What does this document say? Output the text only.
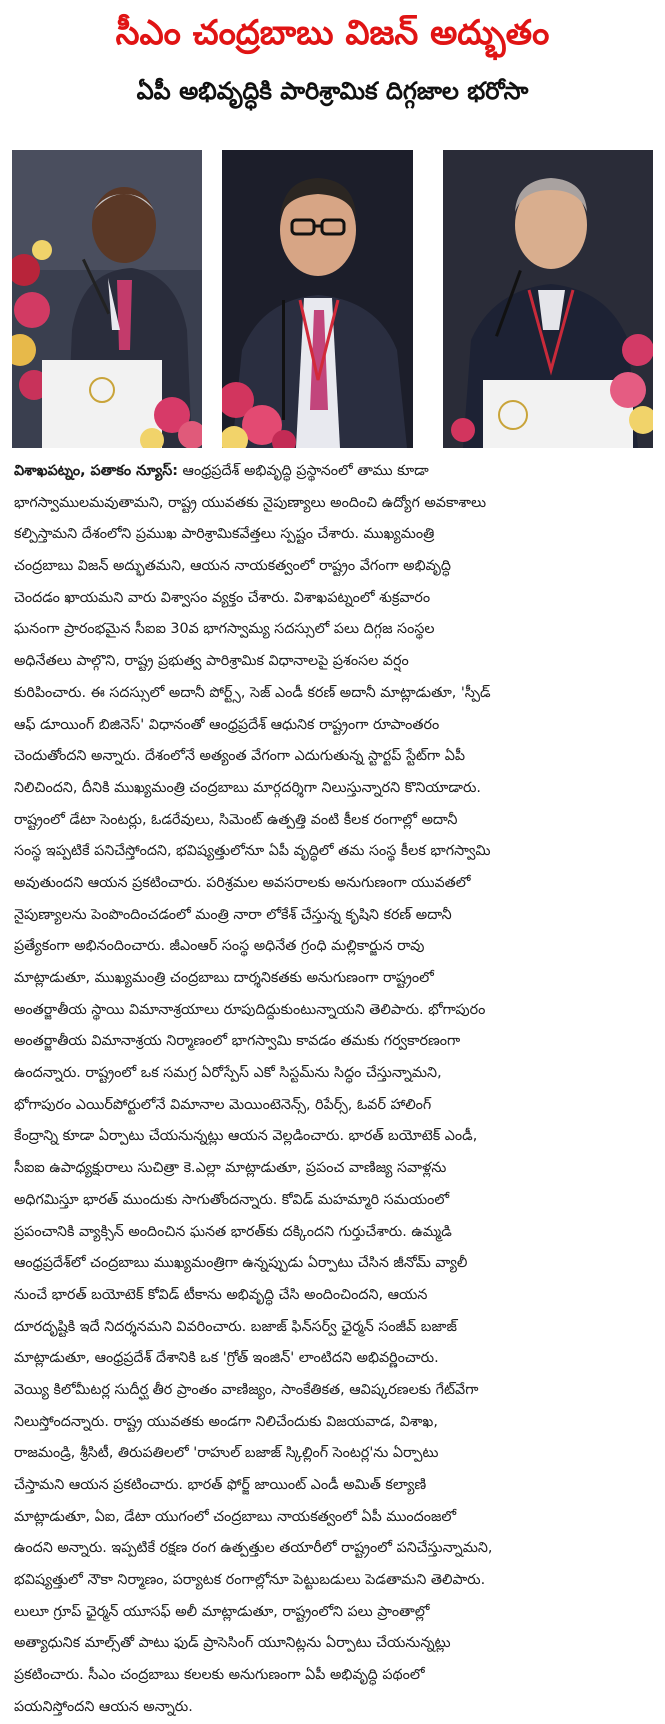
సీఎం చంద్రబాబు విజన్ అద్భుతం
ఏపీ అభివృద్ధికి పారిశ్రామిక దిగ్గజాల భరోసా
విశాఖపట్నం, పతాకం న్యూస్: ఆంధ్రప్రదేశ్ అభివృద్ధి ప్రస్థానంలో తాము కూడా
భాగస్వాములమవుతామని, రాష్ట్ర యువతకు నైపుణ్యాలు అందించి ఉద్యోగ అవకాశాలు
కల్పిస్తామని దేశంలోని ప్రముఖ పారిశ్రామికవేత్తలు స్పష్టం చేశారు. ముఖ్యమంత్రి
చంద్రబాబు విజన్ అద్భుతమని, ఆయన నాయకత్వంలో రాష్ట్రం వేగంగా అభివృద్ధి
చెందడం ఖాయమని వారు విశ్వాసం వ్యక్తం చేశారు. విశాఖపట్నంలో శుక్రవారం
ఘనంగా ప్రారంభమైన సీఐఐ 30వ భాగస్వామ్య సదస్సులో పలు దిగ్గజ సంస్థల
అధినేతలు పాల్గొని, రాష్ట్ర ప్రభుత్వ పారిశ్రామిక విధానాలపై ప్రశంసల వర్షం
కురిపించారు. ఈ సదస్సులో అదానీ పోర్ట్స్, సెజ్ ఎండీ కరణ్ అదానీ మాట్లాడుతూ, 'స్పీడ్
ఆఫ్ డూయింగ్ బిజినెస్' విధానంతో ఆంధ్రప్రదేశ్ ఆధునిక రాష్ట్రంగా రూపాంతరం
చెందుతోందని అన్నారు. దేశంలోనే అత్యంత వేగంగా ఎదుగుతున్న స్టార్టప్ స్టేట్‌గా ఏపీ
నిలిచిందని, దీనికి ముఖ్యమంత్రి చంద్రబాబు మార్గదర్శిగా నిలుస్తున్నారని కొనియాడారు.
రాష్ట్రంలో డేటా సెంటర్లు, ఓడరేవులు, సిమెంట్ ఉత్పత్తి వంటి కీలక రంగాల్లో అదానీ
సంస్థ ఇప్పటికే పనిచేస్తోందని, భవిష్యత్తులోనూ ఏపీ వృద్ధిలో తమ సంస్థ కీలక భాగస్వామి
అవుతుందని ఆయన ప్రకటించారు. పరిశ్రమల అవసరాలకు అనుగుణంగా యువతలో
నైపుణ్యాలను పెంపొందించడంలో మంత్రి నారా లోకేశ్ చేస్తున్న కృషిని కరణ్ అదానీ
ప్రత్యేకంగా అభినందించారు. జీఎంఆర్ సంస్థ అధినేత గ్రంధి మల్లికార్జున రావు
మాట్లాడుతూ, ముఖ్యమంత్రి చంద్రబాబు దార్శనికతకు అనుగుణంగా రాష్ట్రంలో
అంతర్జాతీయ స్థాయి విమానాశ్రయాలు రూపుదిద్దుకుంటున్నాయని తెలిపారు. భోగాపురం
అంతర్జాతీయ విమానాశ్రయ నిర్మాణంలో భాగస్వామి కావడం తమకు గర్వకారణంగా
ఉందన్నారు. రాష్ట్రంలో ఒక సమగ్ర ఏరోస్పేస్ ఎకో సిస్టమ్‌ను సిద్ధం చేస్తున్నామని,
భోగాపురం ఎయిర్‌పోర్టులోనే విమానాల మెయింటెనెన్స్, రిపేర్స్, ఓవర్ హాలింగ్
కేంద్రాన్ని కూడా ఏర్పాటు చేయనున్నట్లు ఆయన వెల్లడించారు. భారత్ బయోటెక్ ఎండీ,
సీఐఐ ఉపాధ్యక్షురాలు సుచిత్రా కె.ఎల్లా మాట్లాడుతూ, ప్రపంచ వాణిజ్య సవాళ్లను
అధిగమిస్తూ భారత్ ముందుకు సాగుతోందన్నారు. కోవిడ్ మహమ్మారి సమయంలో
ప్రపంచానికి వ్యాక్సిన్ అందించిన ఘనత భారత్‌కు దక్కిందని గుర్తుచేశారు. ఉమ్మడి
ఆంధ్రప్రదేశ్‌లో చంద్రబాబు ముఖ్యమంత్రిగా ఉన్నప్పుడు ఏర్పాటు చేసిన జీనోమ్ వ్యాలీ
నుంచే భారత్ బయోటెక్ కోవిడ్ టీకాను అభివృద్ధి చేసి అందించిందని, ఆయన
దూరదృష్టికి ఇదే నిదర్శనమని వివరించారు. బజాజ్ ఫిన్‌సర్వ్ ఛైర్మన్ సంజీవ్ బజాజ్
మాట్లాడుతూ, ఆంధ్రప్రదేశ్ దేశానికి ఒక 'గ్రోత్ ఇంజిన్' లాంటిదని అభివర్ణించారు.
వెయ్యి కిలోమీటర్ల సుదీర్ఘ తీర ప్రాంతం వాణిజ్యం, సాంకేతికత, ఆవిష్కరణలకు గేట్‌వేగా
నిలుస్తోందన్నారు. రాష్ట్ర యువతకు అండగా నిలిచేందుకు విజయవాడ, విశాఖ,
రాజమండ్రి, శ్రీసిటీ, తిరుపతిలలో 'రాహుల్ బజాజ్ స్కిల్లింగ్ సెంటర్ల'ను ఏర్పాటు
చేస్తామని ఆయన ప్రకటించారు. భారత్ ఫోర్జ్ జాయింట్ ఎండీ అమిత్ కల్యాణి
మాట్లాడుతూ, ఏఐ, డేటా యుగంలో చంద్రబాబు నాయకత్వంలో ఏపీ ముందంజలో
ఉందని అన్నారు. ఇప్పటికే రక్షణ రంగ ఉత్పత్తుల తయారీలో రాష్ట్రంలో పనిచేస్తున్నామని,
భవిష్యత్తులో నౌకా నిర్మాణం, పర్యాటక రంగాల్లోనూ పెట్టుబడులు పెడతామని తెలిపారు.
లులూ గ్రూప్ ఛైర్మన్ యూసఫ్ అలీ మాట్లాడుతూ, రాష్ట్రంలోని పలు ప్రాంతాల్లో
అత్యాధునిక మాల్స్‌తో పాటు ఫుడ్ ప్రాసెసింగ్ యూనిట్లను ఏర్పాటు చేయనున్నట్లు
ప్రకటించారు. సీఎం చంద్రబాబు కలలకు అనుగుణంగా ఏపీ అభివృద్ధి పథంలో
పయనిస్తోందని ఆయన అన్నారు.
